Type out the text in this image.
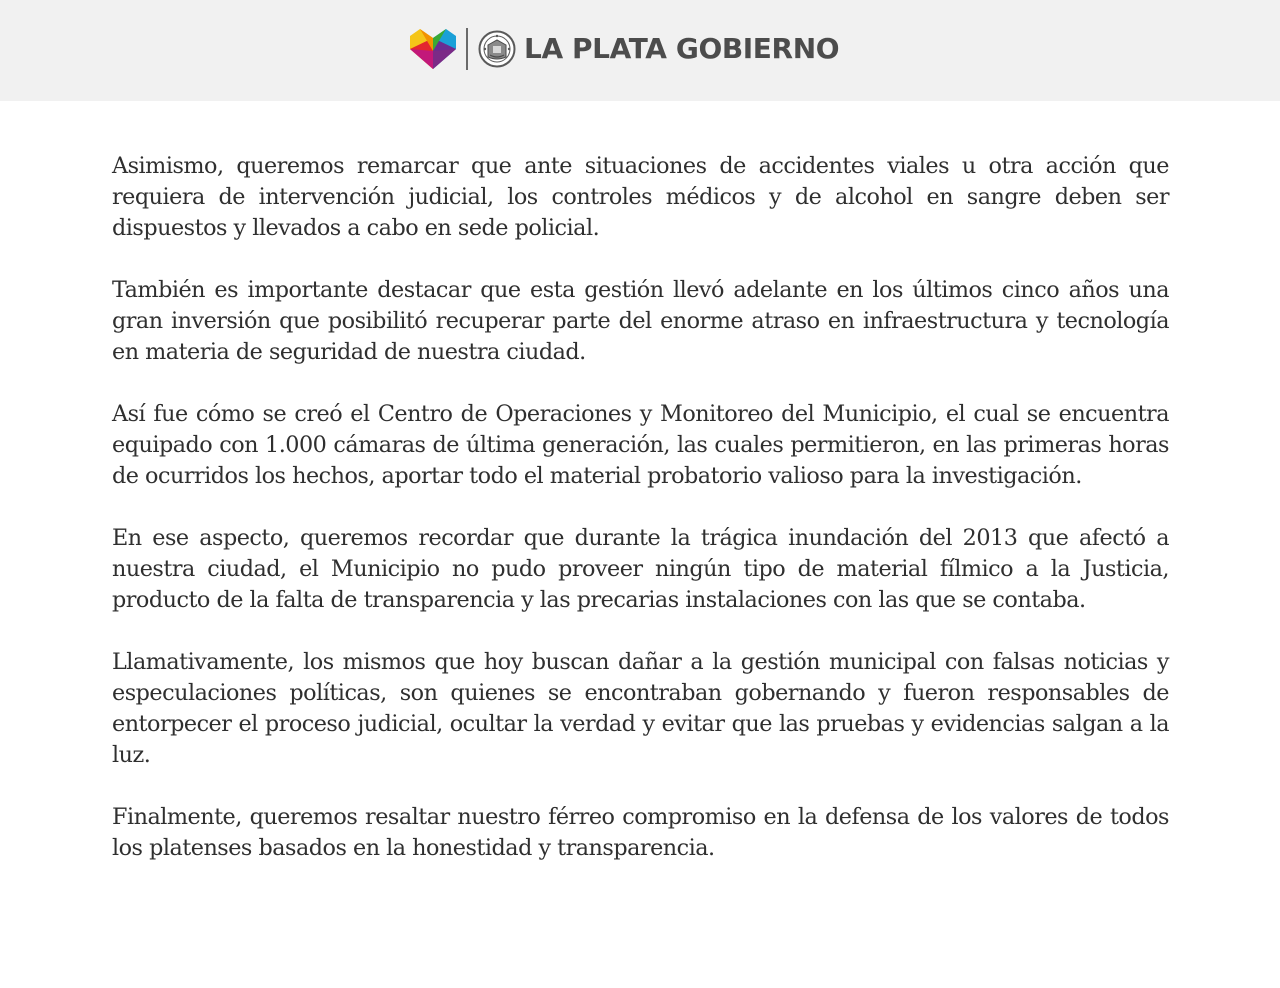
LA PLATA GOBIERNO

Asimismo, queremos remarcar que ante situaciones de accidentes viales u otra acción que requiera de intervención judicial, los controles médicos y de alcohol en sangre deben ser dispuestos y llevados a cabo en sede policial.

También es importante destacar que esta gestión llevó adelante en los últimos cinco años una gran inversión que posibilitó recuperar parte del enorme atraso en infraestructura y tecnología en materia de seguridad de nuestra ciudad.

Así fue cómo se creó el Centro de Operaciones y Monitoreo del Municipio, el cual se encuentra equipado con 1.000 cámaras de última generación, las cuales permitieron, en las primeras horas de ocurridos los hechos, aportar todo el material probatorio valioso para la investigación.

En ese aspecto, queremos recordar que durante la trágica inundación del 2013 que afectó a nuestra ciudad, el Municipio no pudo proveer ningún tipo de material fílmico a la Justicia, producto de la falta de transparencia y las precarias instalaciones con las que se contaba.

Llamativamente, los mismos que hoy buscan dañar a la gestión municipal con falsas noticias y especulaciones políticas, son quienes se encontraban gobernando y fueron responsables de entorpecer el proceso judicial, ocultar la verdad y evitar que las pruebas y evidencias salgan a la luz.

Finalmente, queremos resaltar nuestro férreo compromiso en la defensa de los valores de todos los platenses basados en la honestidad y transparencia.
